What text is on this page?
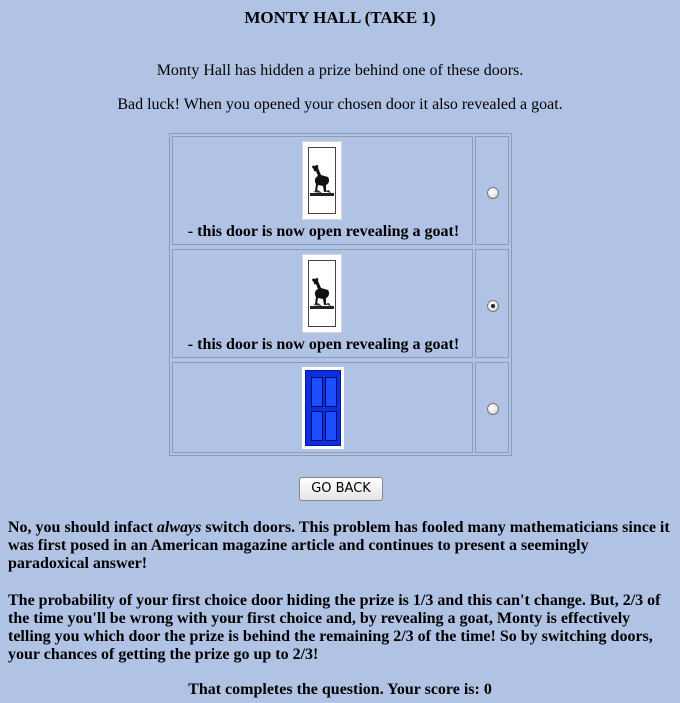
MONTY HALL (TAKE 1)
Monty Hall has hidden a prize behind one of these doors.
Bad luck! When you opened your chosen door it also revealed a goat.
- this door is now open revealing a goat!
- this door is now open revealing a goat!
GO BACK
No, you should infact always switch doors. This problem has fooled many mathematicians since it was first posed in an American magazine article and continues to present a seemingly paradoxical answer!
The probability of your first choice door hiding the prize is 1/3 and this can't change. But, 2/3 of the time you'll be wrong with your first choice and, by revealing a goat, Monty is effectively telling you which door the prize is behind the remaining 2/3 of the time! So by switching doors, your chances of getting the prize go up to 2/3!
That completes the question. Your score is: 0
